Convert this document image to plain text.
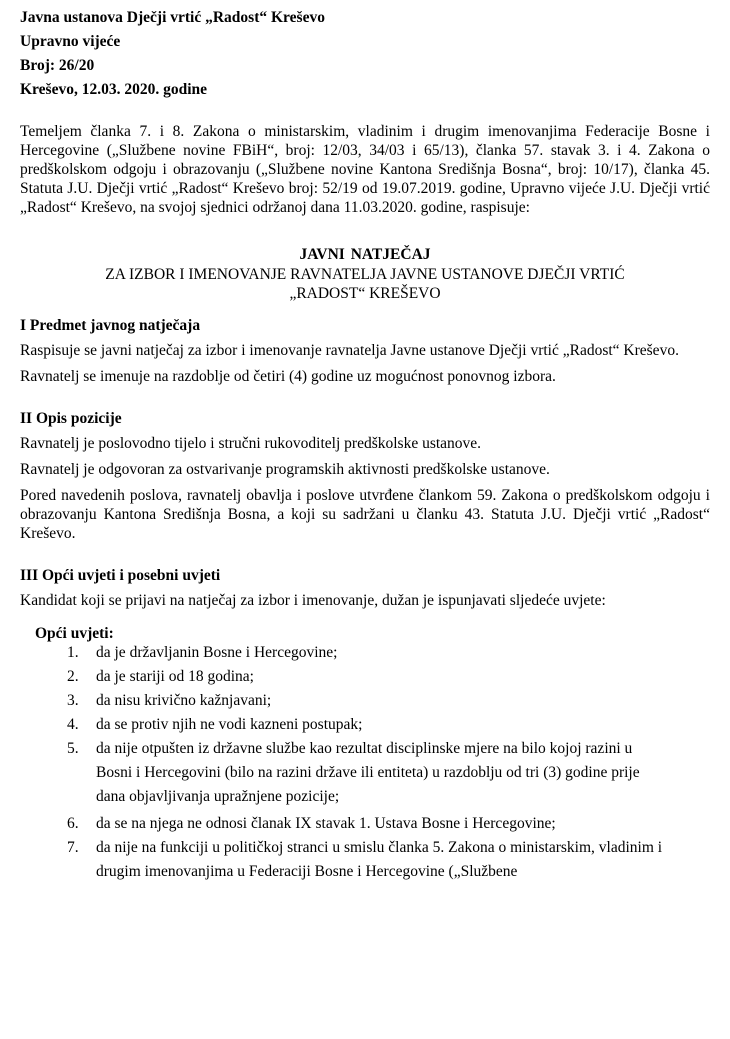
Javna ustanova Dječji vrtić „Radost“ Kreševo

Upravno vijeće

Broj: 26/20

Kreševo, 12.03. 2020. godine

Temeljem članka 7. i 8. Zakona o ministarskim, vladinim i drugim imenovanjima Federacije Bosne i Hercegovine („Službene novine FBiH“, broj: 12/03, 34/03 i 65/13), članka 57. stavak 3. i 4. Zakona o predškolskom odgoju i obrazovanju („Službene novine Kantona Središnja Bosna“, broj: 10/17), članka 45. Statuta J.U. Dječji vrtić „Radost“ Kreševo broj: 52/19 od 19.07.2019. godine, Upravno vijeće J.U. Dječji vrtić „Radost“ Kreševo, na svojoj sjednici održanoj dana 11.03.2020. godine, raspisuje:

JAVNI NATJEČAJ
ZA IZBOR I IMENOVANJE RAVNATELJA JAVNE USTANOVE DJEČJI VRTIĆ
„RADOST“ KREŠEVO
I Predmet javnog natječaja

Raspisuje se javni natječaj za izbor i imenovanje ravnatelja Javne ustanove Dječji vrtić „Radost“ Kreševo.

Ravnatelj se imenuje na razdoblje od četiri (4) godine uz mogućnost ponovnog izbora.

II Opis pozicije

Ravnatelj je poslovodno tijelo i stručni rukovoditelj predškolske ustanove.

Ravnatelj je odgovoran za ostvarivanje programskih aktivnosti predškolske ustanove.

Pored navedenih poslova, ravnatelj obavlja i poslove utvrđene člankom 59. Zakona o predškolskom odgoju i obrazovanju Kantona Središnja Bosna, a koji su sadržani u članku 43. Statuta J.U. Dječji vrtić „Radost“ Kreševo.

III Opći uvjeti i posebni uvjeti

Kandidat koji se prijavi na natječaj za izbor i imenovanje, dužan je ispunjavati sljedeće uvjete:

Opći uvjeti:
1.	da je državljanin Bosne i Hercegovine;
2.	da je stariji od 18 godina;
3.	da nisu krivično kažnjavani;
4.	da se protiv njih ne vodi kazneni postupak;
5.	da nije otpušten iz državne službe kao rezultat disciplinske mjere na bilo kojoj razini u Bosni i Hercegovini (bilo na razini države ili entiteta) u razdoblju od tri (3) godine prije dana objavljivanja upražnjene pozicije;
6.	da se na njega ne odnosi članak IX stavak 1. Ustava Bosne i Hercegovine;
7.	da nije na funkciji u političkoj stranci u smislu članka 5. Zakona o ministarskim, vladinim i drugim imenovanjima u Federaciji Bosne i Hercegovine („Službene
